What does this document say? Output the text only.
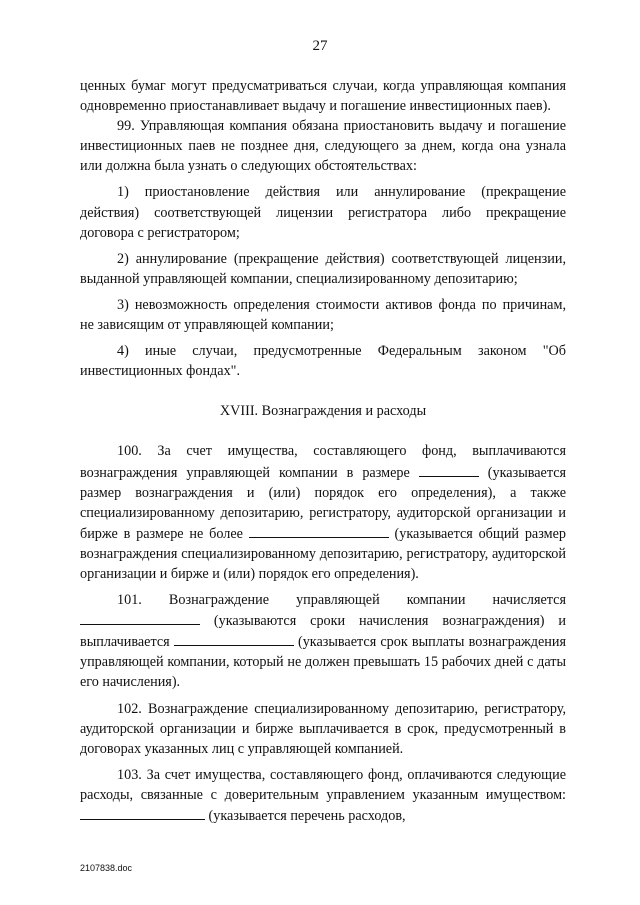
27

ценных бумаг могут предусматриваться случаи, когда управляющая компания одновременно приостанавливает выдачу и погашение инвестиционных паев).

99. Управляющая компания обязана приостановить выдачу и погашение инвестиционных паев не позднее дня, следующего за днем, когда она узнала или должна была узнать о следующих обстоятельствах:

1) приостановление действия или аннулирование (прекращение действия) соответствующей лицензии регистратора либо прекращение договора с регистратором;

2) аннулирование (прекращение действия) соответствующей лицензии, выданной управляющей компании, специализированному депозитарию;

3) невозможность определения стоимости активов фонда по причинам, не зависящим от управляющей компании;

4) иные случаи, предусмотренные Федеральным законом "Об инвестиционных фондах".

XVIII. Вознаграждения и расходы

100. За счет имущества, составляющего фонд, выплачиваются вознаграждения управляющей компании в размере	(указывается размер вознаграждения и (или) порядок его определения), а также специализированному депозитарию, регистратору, аудиторской организации и бирже в размере не более	(указывается общий размер вознаграждения специализированному депозитарию, регистратору, аудиторской организации и бирже и (или) порядок его определения).

101. Вознаграждение управляющей компании начисляется  (указываются сроки начисления вознаграждения) и выплачивается	(указывается срок выплаты вознаграждения управляющей компании, который не должен превышать 15 рабочих дней с даты его начисления).

102. Вознаграждение специализированному депозитарию, регистратору, аудиторской организации и бирже выплачивается в срок, предусмотренный в договорах указанных лиц с управляющей компанией.

103. За счет имущества, составляющего фонд, оплачиваются следующие расходы, связанные с доверительным управлением указанным имуществом:  (указывается перечень расходов,

2107838.doc
